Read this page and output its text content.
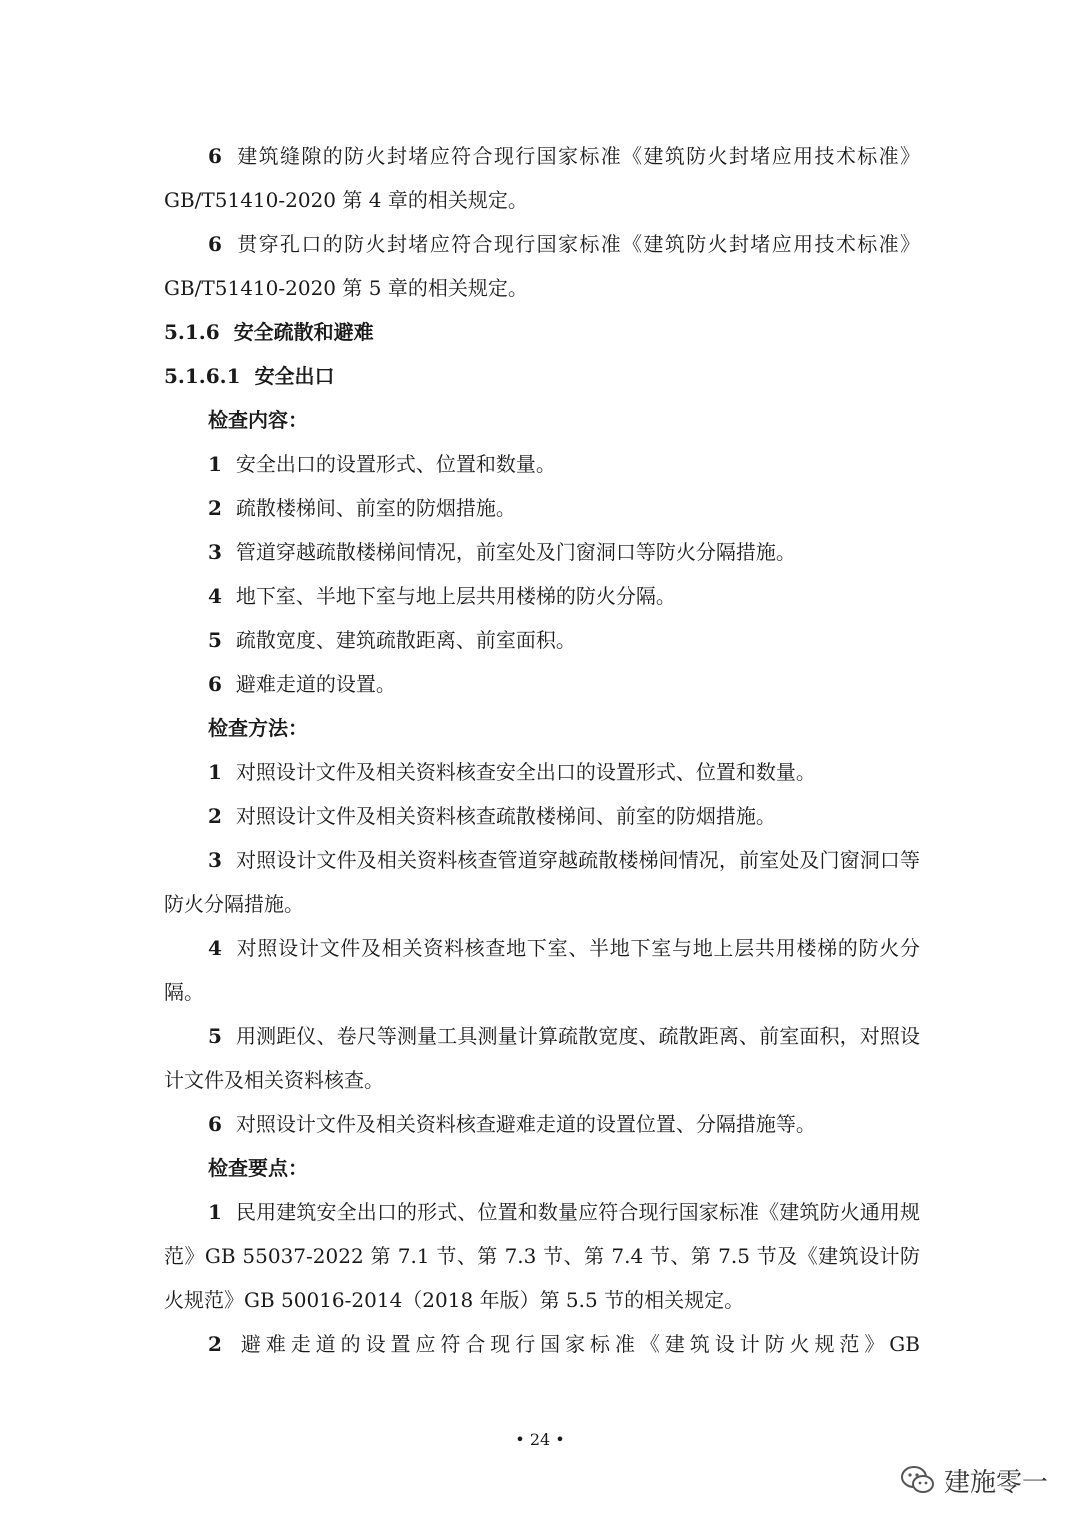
6 建筑缝隙的防火封堵应符合现行国家标准《建筑防火封堵应用技术标准》GB/T51410-2020 第 4 章的相关规定。

6 贯穿孔口的防火封堵应符合现行国家标准《建筑防火封堵应用技术标准》GB/T51410-2020 第 5 章的相关规定。

5.1.6 安全疏散和避难

5.1.6.1 安全出口

检查内容：

1 安全出口的设置形式、位置和数量。

2 疏散楼梯间、前室的防烟措施。

3 管道穿越疏散楼梯间情况，前室处及门窗洞口等防火分隔措施。

4 地下室、半地下室与地上层共用楼梯的防火分隔。

5 疏散宽度、建筑疏散距离、前室面积。

6 避难走道的设置。

检查方法：

1 对照设计文件及相关资料核查安全出口的设置形式、位置和数量。

2 对照设计文件及相关资料核查疏散楼梯间、前室的防烟措施。

3 对照设计文件及相关资料核查管道穿越疏散楼梯间情况，前室处及门窗洞口等防火分隔措施。

4 对照设计文件及相关资料核查地下室、半地下室与地上层共用楼梯的防火分隔。

5 用测距仪、卷尺等测量工具测量计算疏散宽度、疏散距离、前室面积，对照设计文件及相关资料核查。

6 对照设计文件及相关资料核查避难走道的设置位置、分隔措施等。

检查要点：

1 民用建筑安全出口的形式、位置和数量应符合现行国家标准《建筑防火通用规范》GB 55037-2022 第 7.1 节、第 7.3 节、第 7.4 节、第 7.5 节及《建筑设计防火规范》GB 50016-2014（2018 年版）第 5.5 节的相关规定。

2 避难走道的设置应符合现行国家标准《建筑设计防火规范》GB

• 24 •
建施零一
